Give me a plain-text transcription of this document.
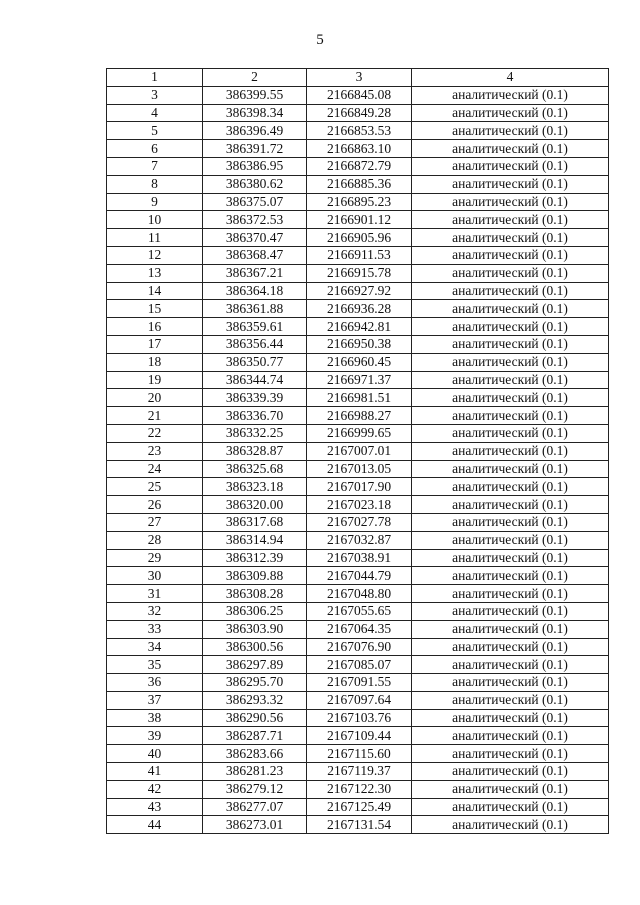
5
1	2	3	4
3	386399.55	2166845.08	аналитический (0.1)
4	386398.34	2166849.28	аналитический (0.1)
5	386396.49	2166853.53	аналитический (0.1)
6	386391.72	2166863.10	аналитический (0.1)
7	386386.95	2166872.79	аналитический (0.1)
8	386380.62	2166885.36	аналитический (0.1)
9	386375.07	2166895.23	аналитический (0.1)
10	386372.53	2166901.12	аналитический (0.1)
11	386370.47	2166905.96	аналитический (0.1)
12	386368.47	2166911.53	аналитический (0.1)
13	386367.21	2166915.78	аналитический (0.1)
14	386364.18	2166927.92	аналитический (0.1)
15	386361.88	2166936.28	аналитический (0.1)
16	386359.61	2166942.81	аналитический (0.1)
17	386356.44	2166950.38	аналитический (0.1)
18	386350.77	2166960.45	аналитический (0.1)
19	386344.74	2166971.37	аналитический (0.1)
20	386339.39	2166981.51	аналитический (0.1)
21	386336.70	2166988.27	аналитический (0.1)
22	386332.25	2166999.65	аналитический (0.1)
23	386328.87	2167007.01	аналитический (0.1)
24	386325.68	2167013.05	аналитический (0.1)
25	386323.18	2167017.90	аналитический (0.1)
26	386320.00	2167023.18	аналитический (0.1)
27	386317.68	2167027.78	аналитический (0.1)
28	386314.94	2167032.87	аналитический (0.1)
29	386312.39	2167038.91	аналитический (0.1)
30	386309.88	2167044.79	аналитический (0.1)
31	386308.28	2167048.80	аналитический (0.1)
32	386306.25	2167055.65	аналитический (0.1)
33	386303.90	2167064.35	аналитический (0.1)
34	386300.56	2167076.90	аналитический (0.1)
35	386297.89	2167085.07	аналитический (0.1)
36	386295.70	2167091.55	аналитический (0.1)
37	386293.32	2167097.64	аналитический (0.1)
38	386290.56	2167103.76	аналитический (0.1)
39	386287.71	2167109.44	аналитический (0.1)
40	386283.66	2167115.60	аналитический (0.1)
41	386281.23	2167119.37	аналитический (0.1)
42	386279.12	2167122.30	аналитический (0.1)
43	386277.07	2167125.49	аналитический (0.1)
44	386273.01	2167131.54	аналитический (0.1)
